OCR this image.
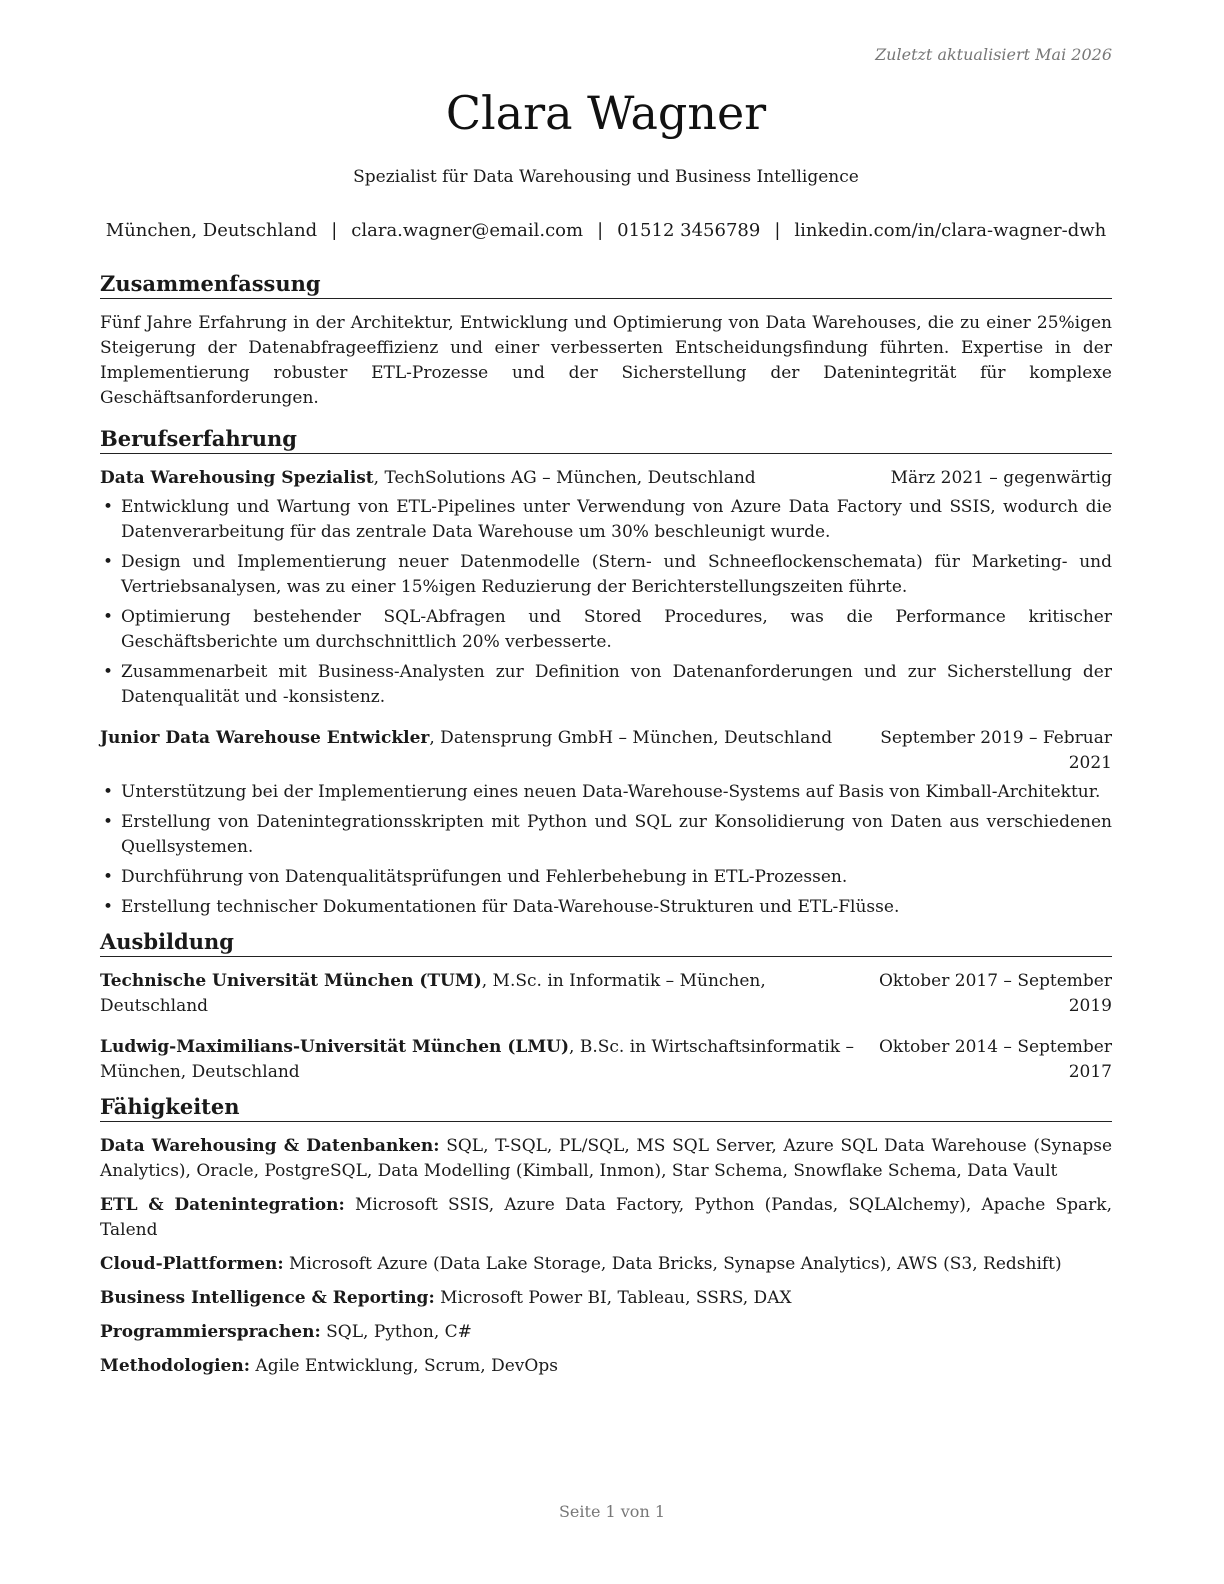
Zuletzt aktualisiert Mai 2026
Clara Wagner
Spezialist für Data Warehousing und Business Intelligence
München, Deutschland | clara.wagner@email.com | 01512 3456789 | linkedin.com/in/clara-wagner-dwh
Zusammenfassung

Fünf Jahre Erfahrung in der Architektur, Entwicklung und Optimierung von Data Warehouses, die zu einer 25%igen Steigerung der Datenabfrageeffizienz und einer verbesserten Entscheidungsfindung führten. Expertise in der Implementierung robuster ETL-Prozesse und der Sicherstellung der Datenintegrität für komplexe Geschäftsanforderungen.

Berufserfahrung
Data Warehousing Spezialist, TechSolutions AG – München, Deutschland	März 2021 – gegenwärtig
• Entwicklung und Wartung von ETL-Pipelines unter Verwendung von Azure Data Factory und SSIS, wodurch die Datenverarbeitung für das zentrale Data Warehouse um 30% beschleunigt wurde.
• Design und Implementierung neuer Datenmodelle (Stern- und Schneeflockenschemata) für Marketing- und Vertriebsanalysen, was zu einer 15%igen Reduzierung der Berichterstellungszeiten führte.
• Optimierung bestehender SQL-Abfragen und Stored Procedures, was die Performance kritischer Geschäftsberichte um durchschnittlich 20% verbesserte.
• Zusammenarbeit mit Business-Analysten zur Definition von Datenanforderungen und zur Sicherstellung der Datenqualität und -konsistenz.
Junior Data Warehouse Entwickler, Datensprung GmbH – München, Deutschland	September 2019 – Februar 2021
• Unterstützung bei der Implementierung eines neuen Data-Warehouse-Systems auf Basis von Kimball-Architektur.
• Erstellung von Datenintegrationsskripten mit Python und SQL zur Konsolidierung von Daten aus verschiedenen Quellsystemen.
• Durchführung von Datenqualitätsprüfungen und Fehlerbehebung in ETL-Prozessen.
• Erstellung technischer Dokumentationen für Data-Warehouse-Strukturen und ETL-Flüsse.
Ausbildung
Technische Universität München (TUM), M.Sc. in Informatik – München, Deutschland
Oktober 2017 – September 2019
Ludwig-Maximilians-Universität München (LMU), B.Sc. in Wirtschaftsinformatik – München, Deutschland
Oktober 2014 – September 2017
Fähigkeiten
Data Warehousing & Datenbanken: SQL, T-SQL, PL/SQL, MS SQL Server, Azure SQL Data Warehouse (Synapse Analytics), Oracle, PostgreSQL, Data Modelling (Kimball, Inmon), Star Schema, Snowflake Schema, Data Vault
ETL & Datenintegration: Microsoft SSIS, Azure Data Factory, Python (Pandas, SQLAlchemy), Apache Spark, Talend
Cloud-Plattformen: Microsoft Azure (Data Lake Storage, Data Bricks, Synapse Analytics), AWS (S3, Redshift)
Business Intelligence & Reporting: Microsoft Power BI, Tableau, SSRS, DAX
Programmiersprachen: SQL, Python, C#
Methodologien: Agile Entwicklung, Scrum, DevOps
Seite 1 von 1
